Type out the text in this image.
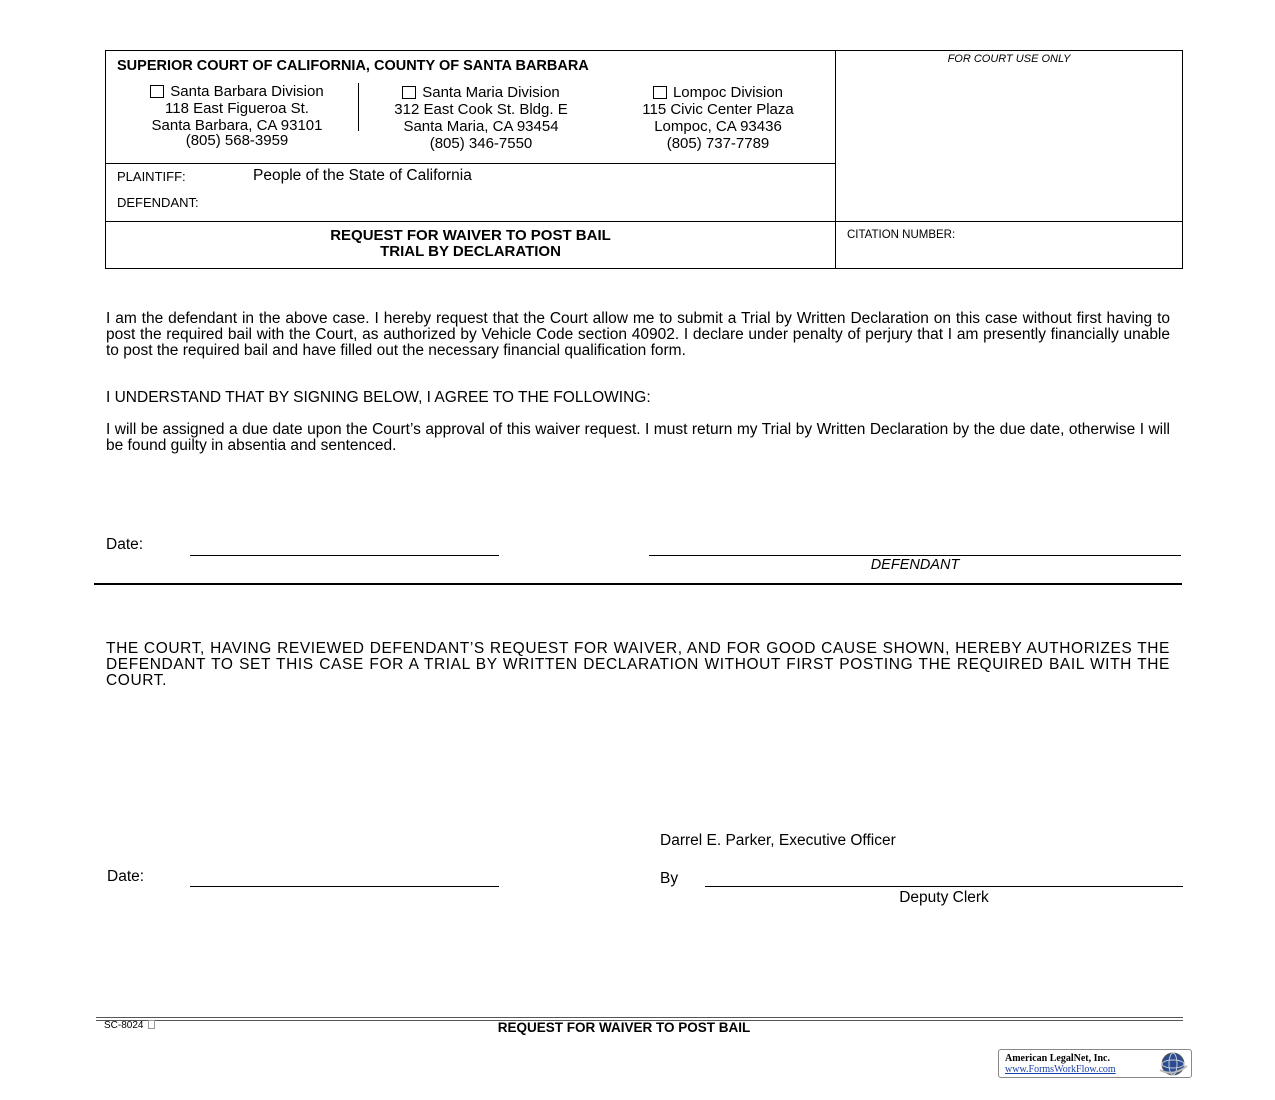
SUPERIOR COURT OF CALIFORNIA, COUNTY OF SANTA BARBARA	FOR COURT USE ONLY
Santa Barbara Division
118 East Figueroa St.
Santa Barbara, CA 93101
(805) 568-3959
Santa Maria Division
312 East Cook St. Bldg. E
Santa Maria, CA 93454
(805) 346-7550
Lompoc Division
115 Civic Center Plaza
Lompoc, CA 93436
(805) 737-7789
PLAINTIFF:	People of the State of California
DEFENDANT:
REQUEST FOR WAIVER TO POST BAIL
TRIAL BY DECLARATION
CITATION NUMBER:
I am the defendant in the above case. I hereby request that the Court allow me to submit a Trial by Written Declaration on this case without first having to post the required bail with the Court, as authorized by Vehicle Code section 40902. I declare under penalty of perjury that I am presently financially unable to post the required bail and have filled out the necessary financial qualification form.
I UNDERSTAND THAT BY SIGNING BELOW, I AGREE TO THE FOLLOWING:
I will be assigned a due date upon the Court’s approval of this waiver request. I must return my Trial by Written Declaration by the due date, otherwise I will be found guilty in absentia and sentenced.
Date:
DEFENDANT
THE COURT, HAVING REVIEWED DEFENDANT’S REQUEST FOR WAIVER, AND FOR GOOD CAUSE SHOWN, HEREBY AUTHORIZES THE DEFENDANT TO SET THIS CASE FOR A TRIAL BY WRITTEN DECLARATION WITHOUT FIRST POSTING THE REQUIRED BAIL WITH THE COURT.
Darrel E. Parker, Executive Officer
Date:	By
Deputy Clerk
SC-8024	REQUEST FOR WAIVER TO POST BAIL
American LegalNet, Inc.
www.FormsWorkFlow.com
